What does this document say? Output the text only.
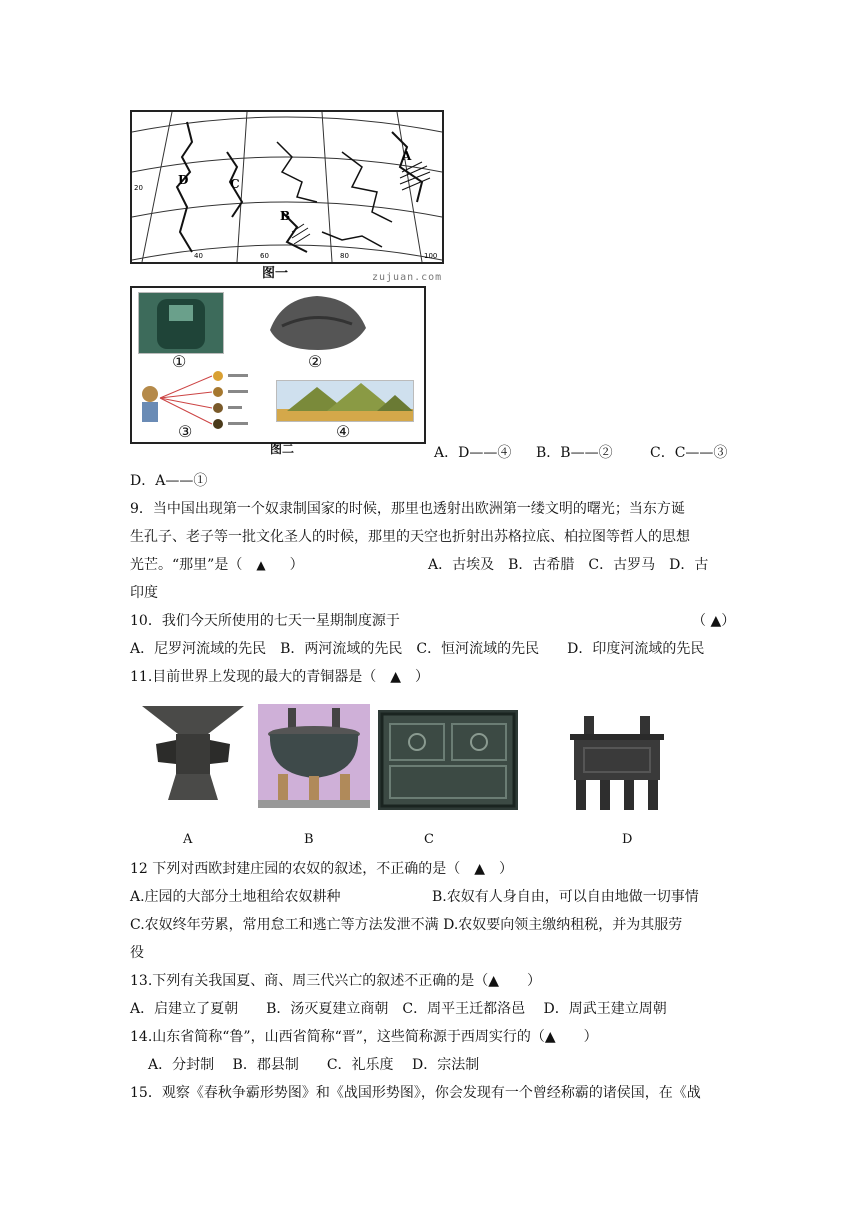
20
40	60	80	100
A
B
C
D
图一	zujuan.com
①	②
③	④
图二	A．D——④ B．B——②	C．C——③
D．A——①
9．当中国出现第一个奴隶制国家的时候，那里也透射出欧洲第一缕文明的曙光；当东方诞
生孔子、老子等一批文化圣人的时候，那里的天空也折射出苏格拉底、柏拉图等哲人的思想
光芒。“那里”是（ ▲ ）	A．古埃及　B．古希腊　C．古罗马　D．古
印度
10．我们今天所使用的七天一星期制度源于	（ ▲）
A．尼罗河流域的先民　B．两河流域的先民　C．恒河流域的先民　　D．印度河流域的先民
11.目前世界上发现的最大的青铜器是（　▲　）
A	B	C	D
12 下列对西欧封建庄园的农奴的叙述，不正确的是（　▲　）
A.庄园的大部分土地租给农奴耕种	B.农奴有人身自由，可以自由地做一切事情
C.农奴终年劳累，常用怠工和逃亡等方法发泄不满 D.农奴要向领主缴纳租税，并为其服劳
役
13.下列有关我国夏、商、周三代兴亡的叙述不正确的是（▲　　）
A．启建立了夏朝　　B．汤灭夏建立商朝　C．周平王迁都洛邑　 D．周武王建立周朝
14.山东省简称“鲁”，山西省简称“晋”，这些简称源于西周实行的（▲　　）
A．分封制　 B．郡县制　　C．礼乐度　 D．宗法制
15．观察《春秋争霸形势图》和《战国形势图》，你会发现有一个曾经称霸的诸侯国，在《战
